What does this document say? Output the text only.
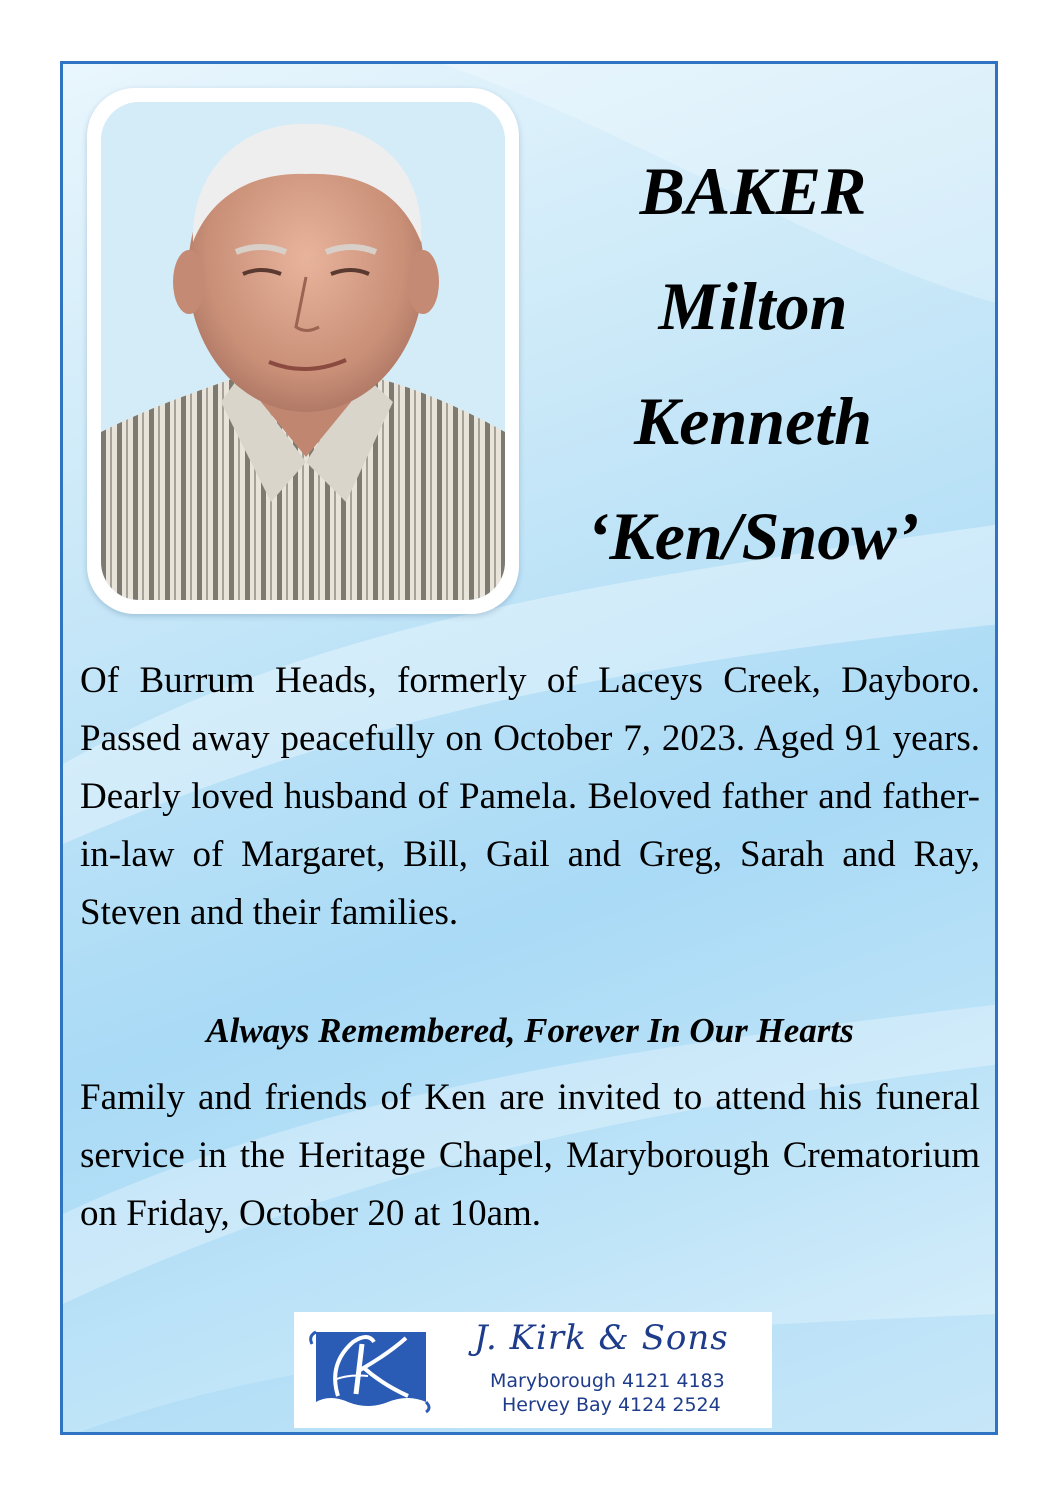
BAKER
Milton
Kenneth
‘Ken/Snow’

Of Burrum Heads, formerly of Laceys Creek, Dayboro. Passed away peacefully on October 7, 2023. Aged 91 years. Dearly loved husband of Pamela. Beloved father and father-in-law of Margaret, Bill, Gail and Greg, Sarah and Ray, Steven and their families.

Always Remembered, Forever In Our Hearts

Family and friends of Ken are invited to attend his funeral service in the Heritage Chapel, Maryborough Crematorium on Friday, October 20 at 10am.

J. Kirk & Sons
Maryborough 4121 4183
Hervey Bay 4124 2524
